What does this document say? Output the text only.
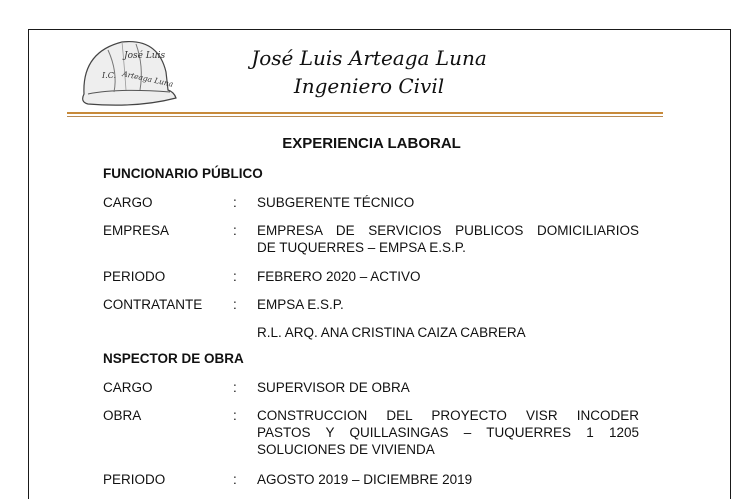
José Luis
I.C. Arteaga Luna
José Luis Arteaga Luna
Ingeniero Civil
EXPERIENCIA LABORAL
FUNCIONARIO PÚBLICO
CARGO	: SUBGERENTE TÉCNICO
EMPRESA	: EMPRESA DE SERVICIOS PUBLICOS DOMICILIARIOS
DE TUQUERRES – EMPSA E.S.P.
PERIODO	: FEBRERO 2020 – ACTIVO
CONTRATANTE	: EMPSA E.S.P.
R.L. ARQ. ANA CRISTINA CAIZA CABRERA
NSPECTOR DE OBRA
CARGO	: SUPERVISOR DE OBRA
OBRA	: CONSTRUCCION DEL PROYECTO VISR INCODER
PASTOS Y QUILLASINGAS – TUQUERRES 1 1205
SOLUCIONES DE VIVIENDA
PERIODO	: AGOSTO 2019 – DICIEMBRE 2019
